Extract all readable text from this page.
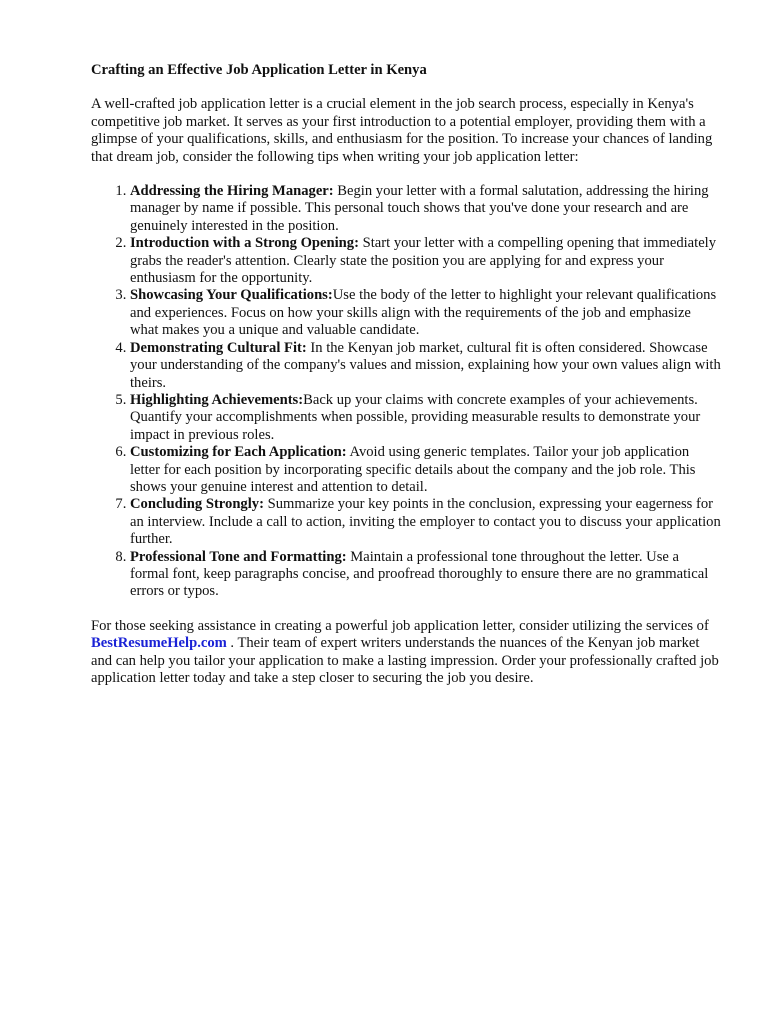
Crafting an Effective Job Application Letter in Kenya

A well-crafted job application letter is a crucial element in the job search process, especially in Kenya's competitive job market. It serves as your first introduction to a potential employer, providing them with a glimpse of your qualifications, skills, and enthusiasm for the position. To increase your chances of landing that dream job, consider the following tips when writing your job application letter:

1. Addressing the Hiring Manager: Begin your letter with a formal salutation, addressing the hiring manager by name if possible. This personal touch shows that you've done your research and are genuinely interested in the position.
2. Introduction with a Strong Opening: Start your letter with a compelling opening that immediately grabs the reader's attention. Clearly state the position you are applying for and express your enthusiasm for the opportunity.
3. Showcasing Your Qualifications:Use the body of the letter to highlight your relevant qualifications and experiences. Focus on how your skills align with the requirements of the job and emphasize what makes you a unique and valuable candidate.
4. Demonstrating Cultural Fit: In the Kenyan job market, cultural fit is often considered. Showcase your understanding of the company's values and mission, explaining how your own values align with theirs.
5. Highlighting Achievements:Back up your claims with concrete examples of your achievements. Quantify your accomplishments when possible, providing measurable results to demonstrate your impact in previous roles.
6. Customizing for Each Application: Avoid using generic templates. Tailor your job application letter for each position by incorporating specific details about the company and the job role. This shows your genuine interest and attention to detail.
7. Concluding Strongly: Summarize your key points in the conclusion, expressing your eagerness for an interview. Include a call to action, inviting the employer to contact you to discuss your application further.
8. Professional Tone and Formatting: Maintain a professional tone throughout the letter. Use a formal font, keep paragraphs concise, and proofread thoroughly to ensure there are no grammatical errors or typos.

For those seeking assistance in creating a powerful job application letter, consider utilizing the services of BestResumeHelp.com . Their team of expert writers understands the nuances of the Kenyan job market and can help you tailor your application to make a lasting impression. Order your professionally crafted job application letter today and take a step closer to securing the job you desire.
